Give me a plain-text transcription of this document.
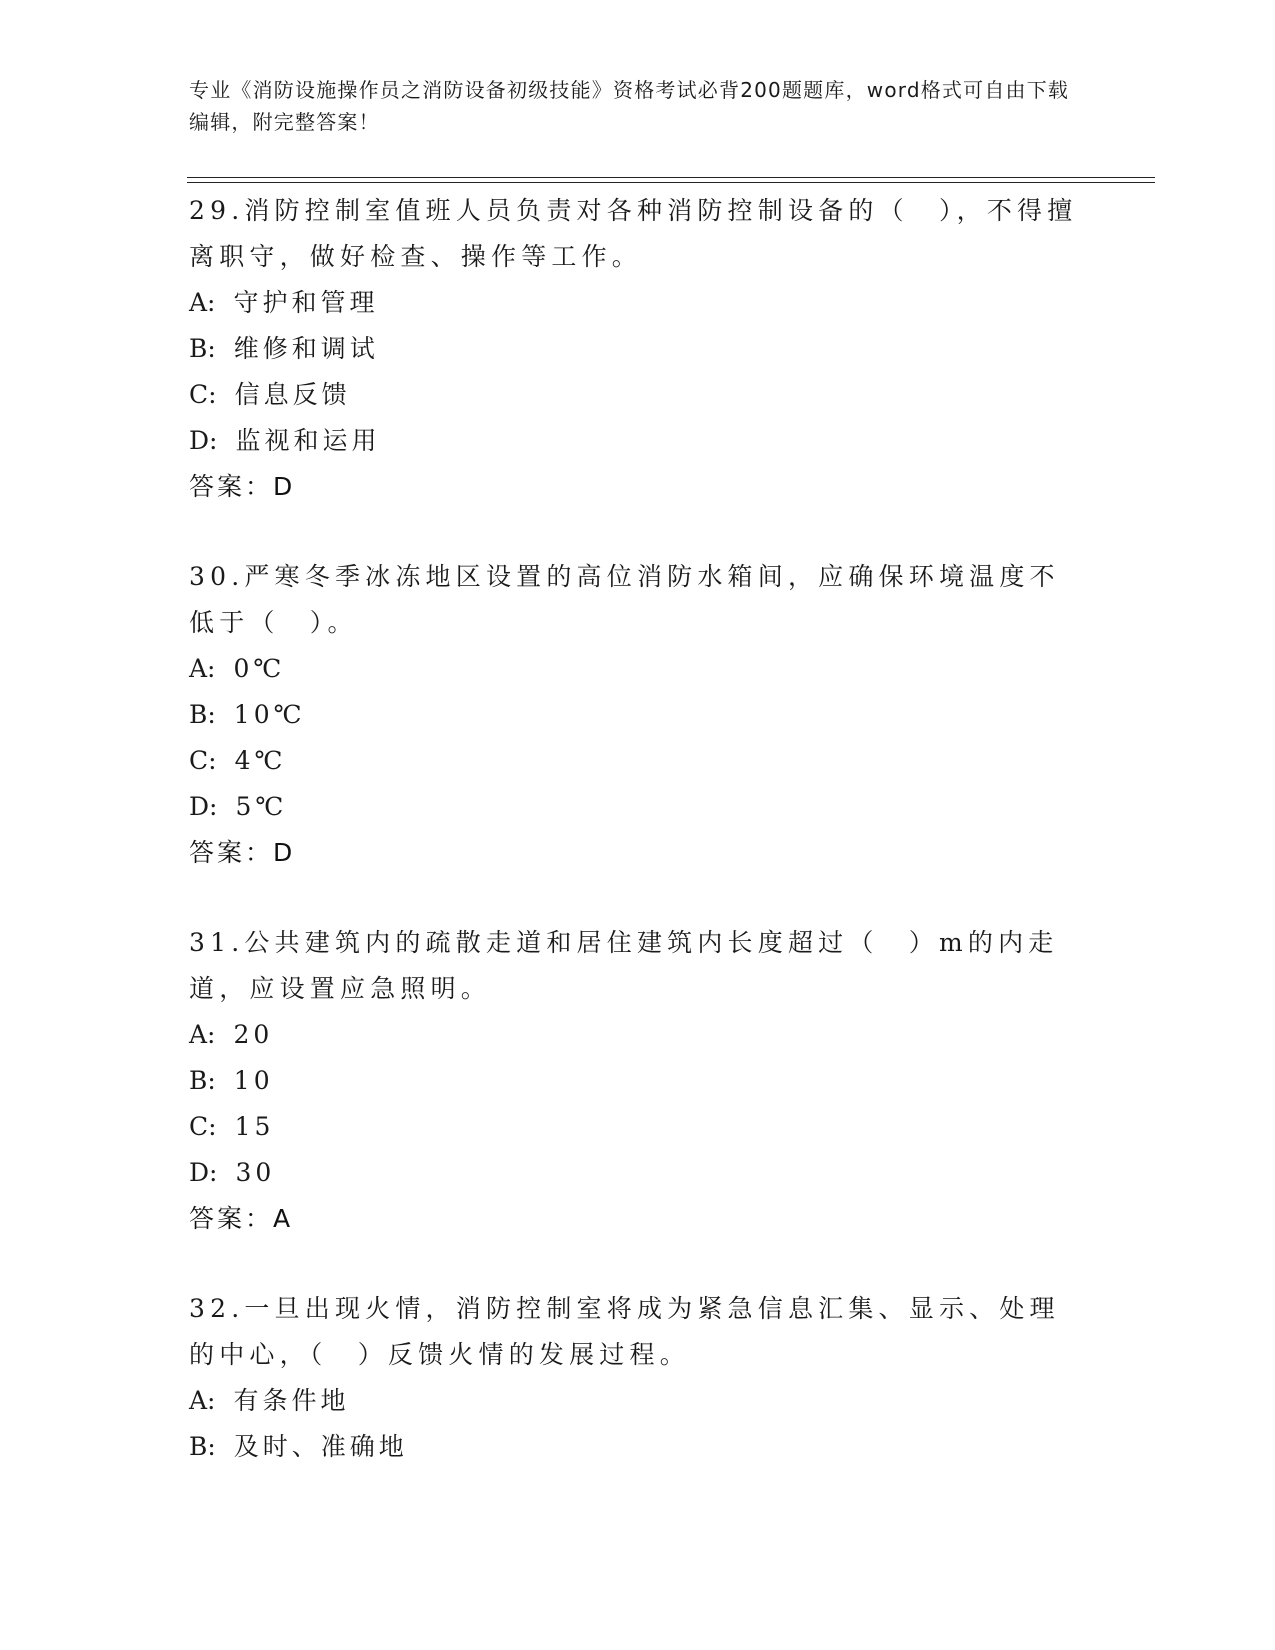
专业《消防设施操作员之消防设备初级技能》资格考试必背200题题库，word格式可自由下载编辑，附完整答案！
29.消防控制室值班人员负责对各种消防控制设备的（　），不得擅离职守，做好检查、操作等工作。
A: 守护和管理
B: 维修和调试
C: 信息反馈
D: 监视和运用
答案：D
30.严寒冬季冰冻地区设置的高位消防水箱间，应确保环境温度不低于（　）。
A: 0℃
B: 10℃
C: 4℃
D: 5℃
答案：D
31.公共建筑内的疏散走道和居住建筑内长度超过（　）m的内走道，应设置应急照明。
A: 20
B: 10
C: 15
D: 30
答案：A
32.一旦出现火情，消防控制室将成为紧急信息汇集、显示、处理的中心，（　）反馈火情的发展过程。
A: 有条件地
B: 及时、准确地
